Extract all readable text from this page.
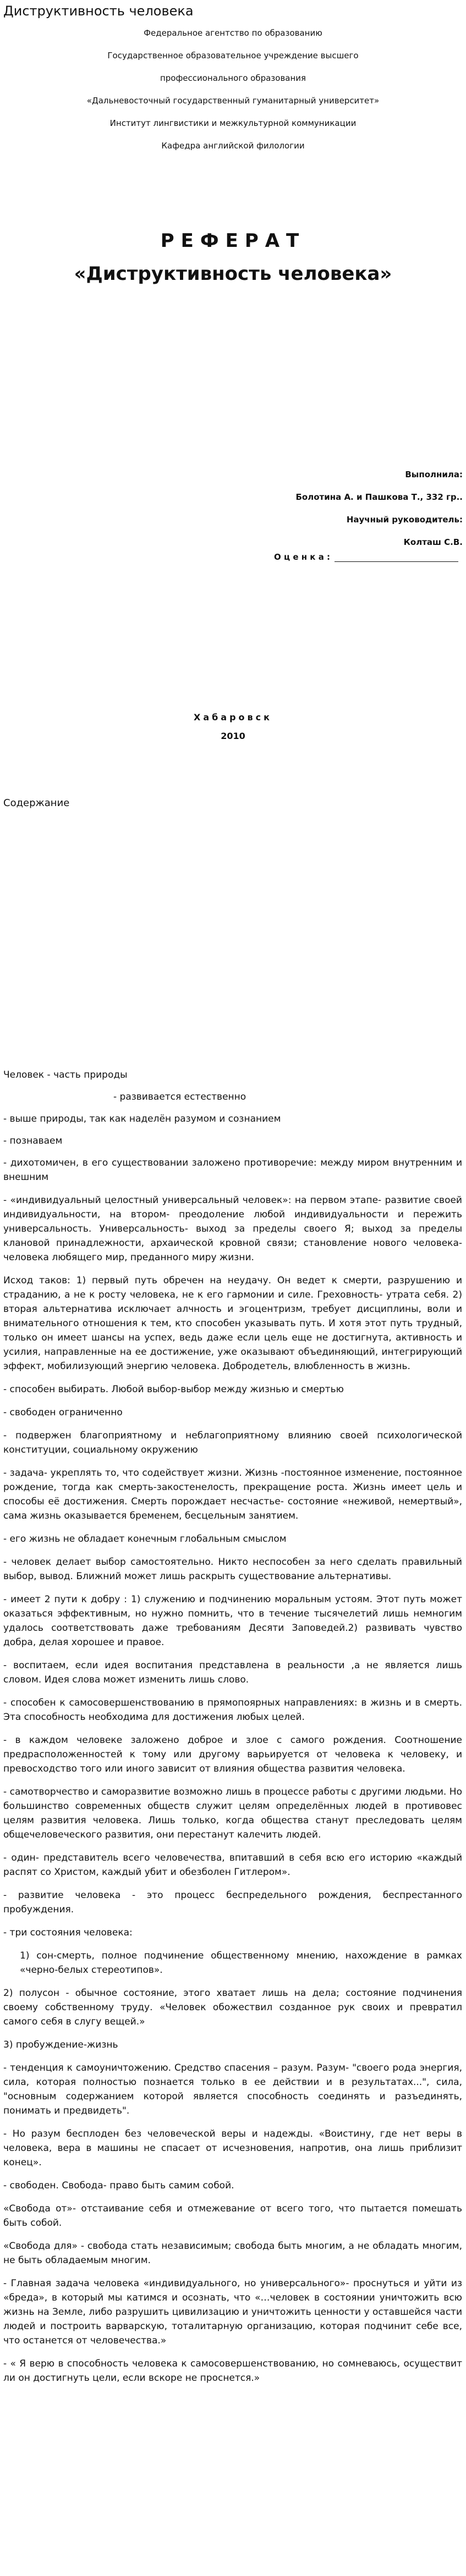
Диструктивность человека

Федеральное агентство по образованию

Государственное образовательное учреждение высшего

профессионального образования

«Дальневосточный государственный гуманитарный университет»

Институт лингвистики и межкультурной коммуникации

Кафедра английской филологии

РЕФЕРАТ
«Диструктивность человека»

Выполнила:

Болотина А. и Пашкова Т., 332 гр..

Научный руководитель:

Колташ С.В.

О ц е н к а :
Хабаровск
2010
Содержание

Человек - часть природы

- развивается естественно

- выше природы, так как наделён разумом и сознанием

- познаваем

- дихотомичен, в его существовании заложено противоречие: между миром внутренним и внешним

- «индивидуальный целостный универсальный человек»: на первом этапе- развитие своей индивидуальности, на втором- преодоление любой индивидуальности и пережить универсальность. Универсальность- выход за пределы своего Я; выход за пределы клановой принадлежности, архаической кровной связи; становление нового человека-человека любящего мир, преданного миру жизни.

Исход таков: 1) первый путь обречен на неудачу. Он ведет к смерти, разрушению и страданию, а не к росту человека, не к его гармонии и силе. Греховность- утрата себя. 2) вторая альтернатива исключает алчность и эгоцентризм, требует дисциплины, воли и внимательного отношения к тем, кто способен указывать путь. И хотя этот путь трудный, только он имеет шансы на успех, ведь даже если цель еще не достигнута, активность и усилия, направленные на ее достижение, уже оказывают объединяющий, интегрирующий эффект, мобилизующий энергию человека. Добродетель, влюбленность в жизнь.

- способен выбирать. Любой выбор-выбор между жизнью и смертью

- свободен ограниченно

- подвержен благоприятному и неблагоприятному влиянию своей психологической конституции, социальному окружению

- задача- укреплять то, что содействует жизни. Жизнь -постоянное изменение, постоянное рождение, тогда как смерть-закостенелость, прекращение роста. Жизнь имеет цель и способы её достижения. Смерть порождает несчастье- состояние «неживой, немертвый», сама жизнь оказывается бременем, бесцельным занятием.

- его жизнь не обладает конечным глобальным смыслом

- человек делает выбор самостоятельно. Никто неспособен за него сделать правильный выбор, вывод. Ближний может лишь раскрыть существование альтернативы.

- имеет 2 пути к добру : 1) служению и подчинению моральным устоям. Этот путь может оказаться эффективным, но нужно помнить, что в течение тысячелетий лишь немногим удалось соответствовать даже требованиям Десяти Заповедей.2) развивать чувство добра, делая хорошее и правое.

- воспитаем, если идея воспитания представлена в реальности ,а не является лишь словом. Идея слова может изменить лишь слово.

- способен к самосовершенствованию в прямопоярных направлениях: в жизнь и в смерть. Эта способность необходима для достижения любых целей.

- в каждом человеке заложено доброе и злое с самого рождения. Соотношение предрасположенностей к тому или другому варьируется от человека к человеку, и превосходство того или иного зависит от влияния общества развития человека.

- самотворчество и саморазвитие возможно лишь в процессе работы с другими людьми. Но большинство современных обществ служит целям определённых людей в противовес целям развития человека. Лишь только, когда общества станут преследовать целям общечеловеческого развития, они перестанут калечить людей.

- один- представитель всего человечества, впитавший в себя всю его историю «каждый распят со Христом, каждый убит и обезболен Гитлером».

- развитие человека - это процесс беспредельного рождения, беспрестанного пробуждения.

- три состояния человека:

1) сон-смерть, полное подчинение общественному мнению, нахождение в рамках «черно-белых стереотипов».

2) полусон - обычное состояние, этого хватает лишь на дела; состояние подчинения своему собственному труду. «Человек обожествил созданное рук своих и превратил самого себя в слугу вещей.»

3) пробуждение-жизнь

- тенденция к самоуничтожению. Средство спасения – разум. Разум- "своего рода энергия, сила, которая полностью познается только в ее действии и в результатах...", сила, "основным содержанием которой является способность соединять и разъединять, понимать и предвидеть".

- Но разум бесплоден без человеческой веры и надежды. «Воистину, где нет веры в человека, вера в машины не спасает от исчезновения, напротив, она лишь приблизит конец».

- свободен. Свобода- право быть самим собой.

«Свобода от»- отстаивание себя и отмежевание от всего того, что пытается помешать быть собой.

«Свобода для» - свобода стать независимым; свобода быть многим, а не обладать многим, не быть обладаемым многим.

- Главная задача человека «индивидуального, но универсального»- проснуться и уйти из «бреда», в который мы катимся и осознать, что «…человек в состоянии уничтожить всю жизнь на Земле, либо разрушить цивилизацию и уничтожить ценности у оставшейся части людей и построить варварскую, тоталитарную организацию, которая подчинит себе все, что останется от человечества.»

- « Я верю в способность человека к самосовершенствованию, но сомневаюсь, осуществит ли он достигнуть цели, если вскоре не проснется.»
